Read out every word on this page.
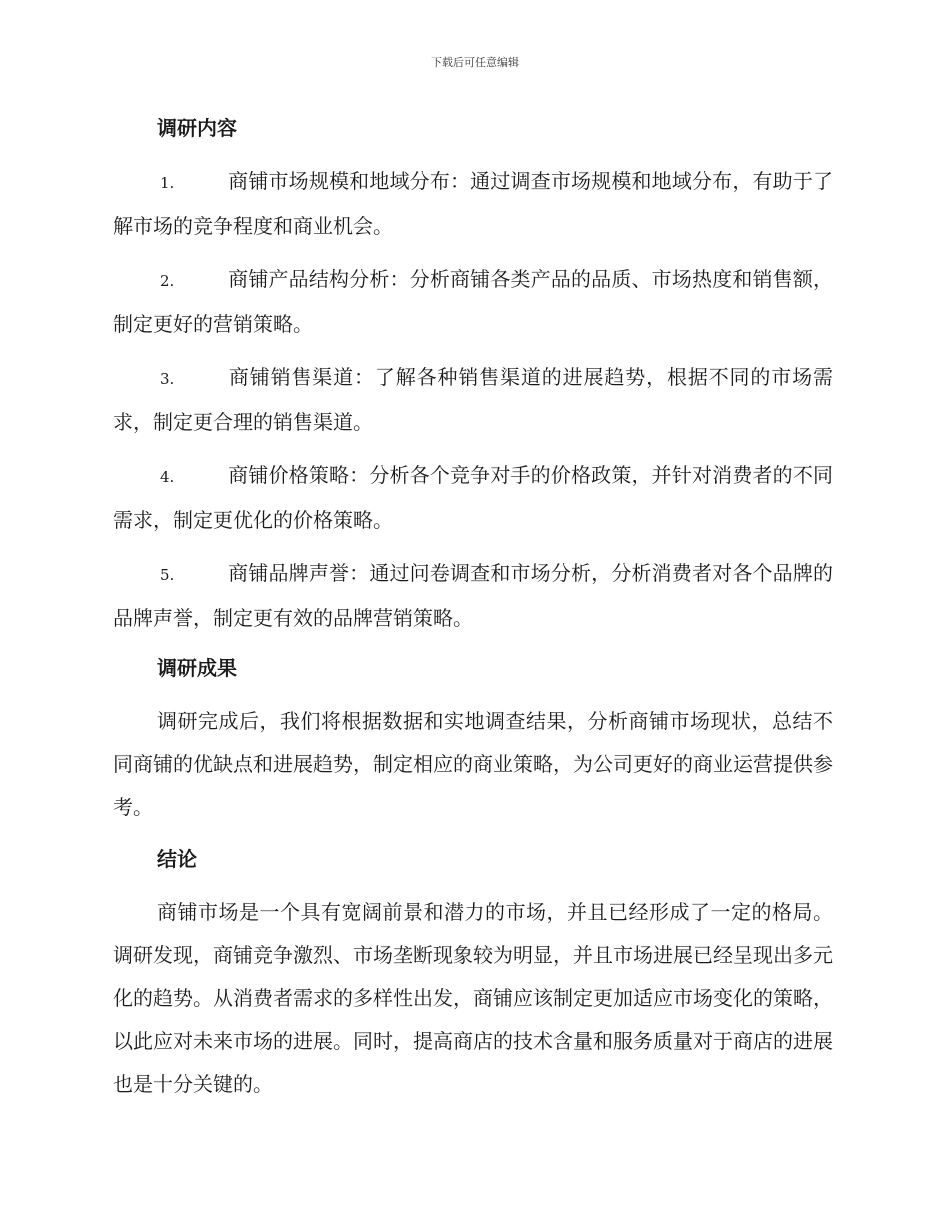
下载后可任意编辑
调研内容
1.	商铺市场规模和地域分布：通过调查市场规模和地域分布，有助于了解市场的竞争程度和商业机会。
2.	商铺产品结构分析：分析商铺各类产品的品质、市场热度和销售额，制定更好的营销策略。
3.	商铺销售渠道：了解各种销售渠道的进展趋势，根据不同的市场需求，制定更合理的销售渠道。
4.	商铺价格策略：分析各个竞争对手的价格政策，并针对消费者的不同需求，制定更优化的价格策略。
5.	商铺品牌声誉：通过问卷调查和市场分析，分析消费者对各个品牌的品牌声誉，制定更有效的品牌营销策略。
调研成果
调研完成后，我们将根据数据和实地调查结果，分析商铺市场现状，总结不同商铺的优缺点和进展趋势，制定相应的商业策略，为公司更好的商业运营提供参考。
结论
商铺市场是一个具有宽阔前景和潜力的市场，并且已经形成了一定的格局。调研发现，商铺竞争激烈、市场垄断现象较为明显，并且市场进展已经呈现出多元化的趋势。从消费者需求的多样性出发，商铺应该制定更加适应市场变化的策略，以此应对未来市场的进展。同时，提高商店的技术含量和服务质量对于商店的进展也是十分关键的。
